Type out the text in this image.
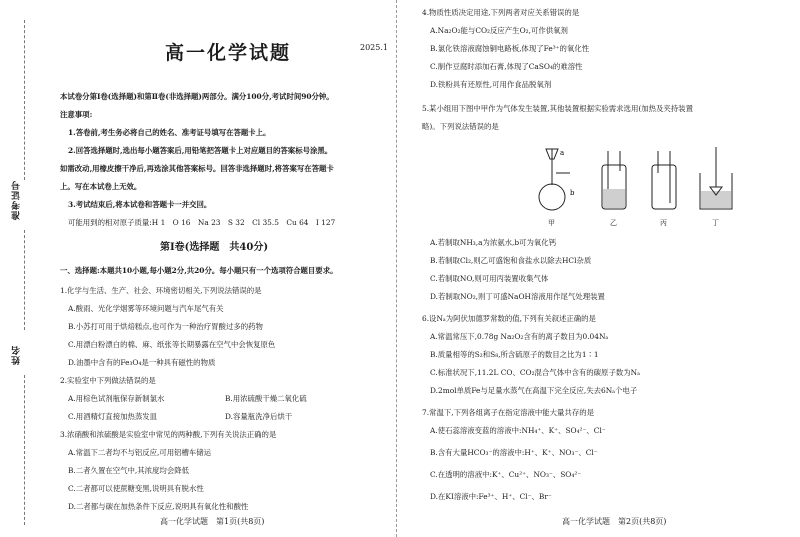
准考证号
姓名
高一化学试题	2025.1
本试卷分第Ⅰ卷(选择题)和第Ⅱ卷(非选择题)两部分。满分100分,考试时间90分钟。
注意事项:
1.答卷前,考生务必将自己的姓名、准考证号填写在答题卡上。
2.回答选择题时,选出每小题答案后,用铅笔把答题卡上对应题目的答案标号涂黑。
如需改动,用橡皮擦干净后,再选涂其他答案标号。回答非选择题时,将答案写在答题卡
上。写在本试卷上无效。
3.考试结束后,将本试卷和答题卡一并交回。
可能用到的相对原子质量:H 1　O 16　Na 23　S 32　Cl 35.5　Cu 64　I 127
第Ⅰ卷(选择题　共40分)
一、选择题:本题共10小题,每小题2分,共20分。每小题只有一个选项符合题目要求。
1.化学与生活、生产、社会、环境密切相关,下列说法错误的是
A.酸雨、光化学烟雾等环境问题与汽车尾气有关
B.小苏打可用于烘焙糕点,也可作为一种治疗胃酸过多的药物
C.用漂白粉漂白的棉、麻、纸张等长期暴露在空气中会恢复原色
D.油墨中含有的Fe₃O₄是一种具有磁性的物质
2.实验室中下列做法错误的是
A.用棕色试剂瓶保存新制氯水	B.用浓硫酸干燥二氧化硫
C.用酒精灯直接加热蒸发皿	D.容量瓶洗净后烘干
3.浓硝酸和浓硫酸是实验室中常见的两种酸,下列有关说法正确的是
A.常温下二者均不与铝反应,可用铝槽车储运
B.二者久置在空气中,其浓度均会降低
C.二者都可以使蔗糖变黑,说明具有脱水性
D.二者都与碳在加热条件下反应,说明具有氧化性和酸性
高一化学试题　第1页(共8页)
4.物质性质决定用途,下列两者对应关系错误的是
A.Na₂O₂能与CO₂反应产生O₂,可作供氧剂
B.氯化铁溶液腐蚀铜电路板,体现了Fe³⁺的氧化性
C.制作豆腐时添加石膏,体现了CaSO₄的难溶性
D.铁粉具有还原性,可用作食品脱氧剂
5.某小组用下图中甲作为气体发生装置,其他装置根据实验需求选用(加热及夹持装置
略)。下列说法错误的是
a
b
甲	乙	丙	丁
A.若制取NH₃,a为浓氨水,b可为氧化钙
B.若制取Cl₂,则乙可盛饱和食盐水以除去HCl杂质
C.若制取NO,则可用丙装置收集气体
D.若制取NO₂,则丁可盛NaOH溶液用作尾气处理装置
6.设Nₐ为阿伏加德罗常数的值,下列有关叙述正确的是
A.常温常压下,0.78g Na₂O₂含有的离子数目为0.04Nₐ
B.质量相等的S₂和S₈,所含硫原子的数目之比为1∶1
C.标准状况下,11.2L CO、CO₂混合气体中含有的碳原子数为Nₐ
D.2mol单质Fe与足量水蒸气在高温下完全反应,失去6Nₐ个电子
7.常温下,下列各组离子在指定溶液中能大量共存的是
A.使石蕊溶液变蓝的溶液中:NH₄⁺、K⁺、SO₄²⁻、Cl⁻
B.含有大量HCO₃⁻的溶液中:H⁺、K⁺、NO₃⁻、Cl⁻
C.在透明的溶液中:K⁺、Cu²⁺、NO₃⁻、SO₄²⁻
D.在KI溶液中:Fe³⁺、H⁺、Cl⁻、Br⁻
高一化学试题　第2页(共8页)
